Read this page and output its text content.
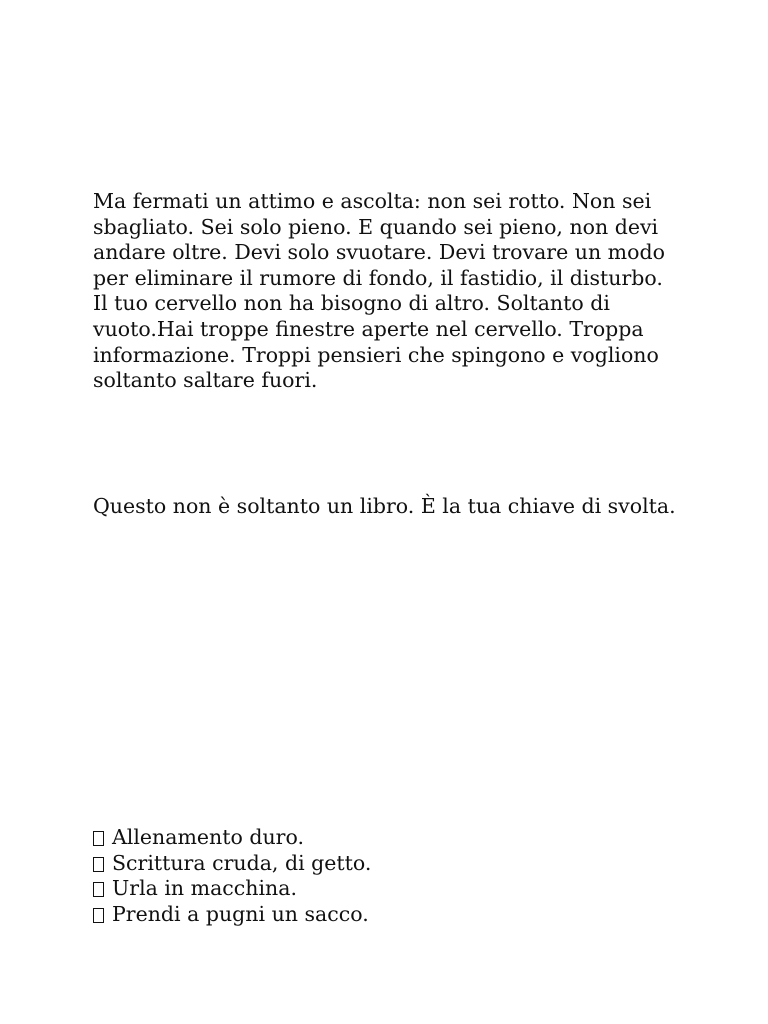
Ma fermati un attimo e ascolta: non sei rotto. Non sei sbagliato. Sei solo pieno. E quando sei pieno, non devi andare oltre. Devi solo svuotare. Devi trovare un modo per eliminare il rumore di fondo, il fastidio, il disturbo. Il tuo cervello non ha bisogno di altro. Soltanto di vuoto.Hai troppe finestre aperte nel cervello. Troppa informazione. Troppi pensieri che spingono e vogliono soltanto saltare fuori.

Questo non è soltanto un libro. È la tua chiave di svolta.

Allenamento duro.
Scrittura cruda, di getto.
Urla in macchina.
Prendi a pugni un sacco.
